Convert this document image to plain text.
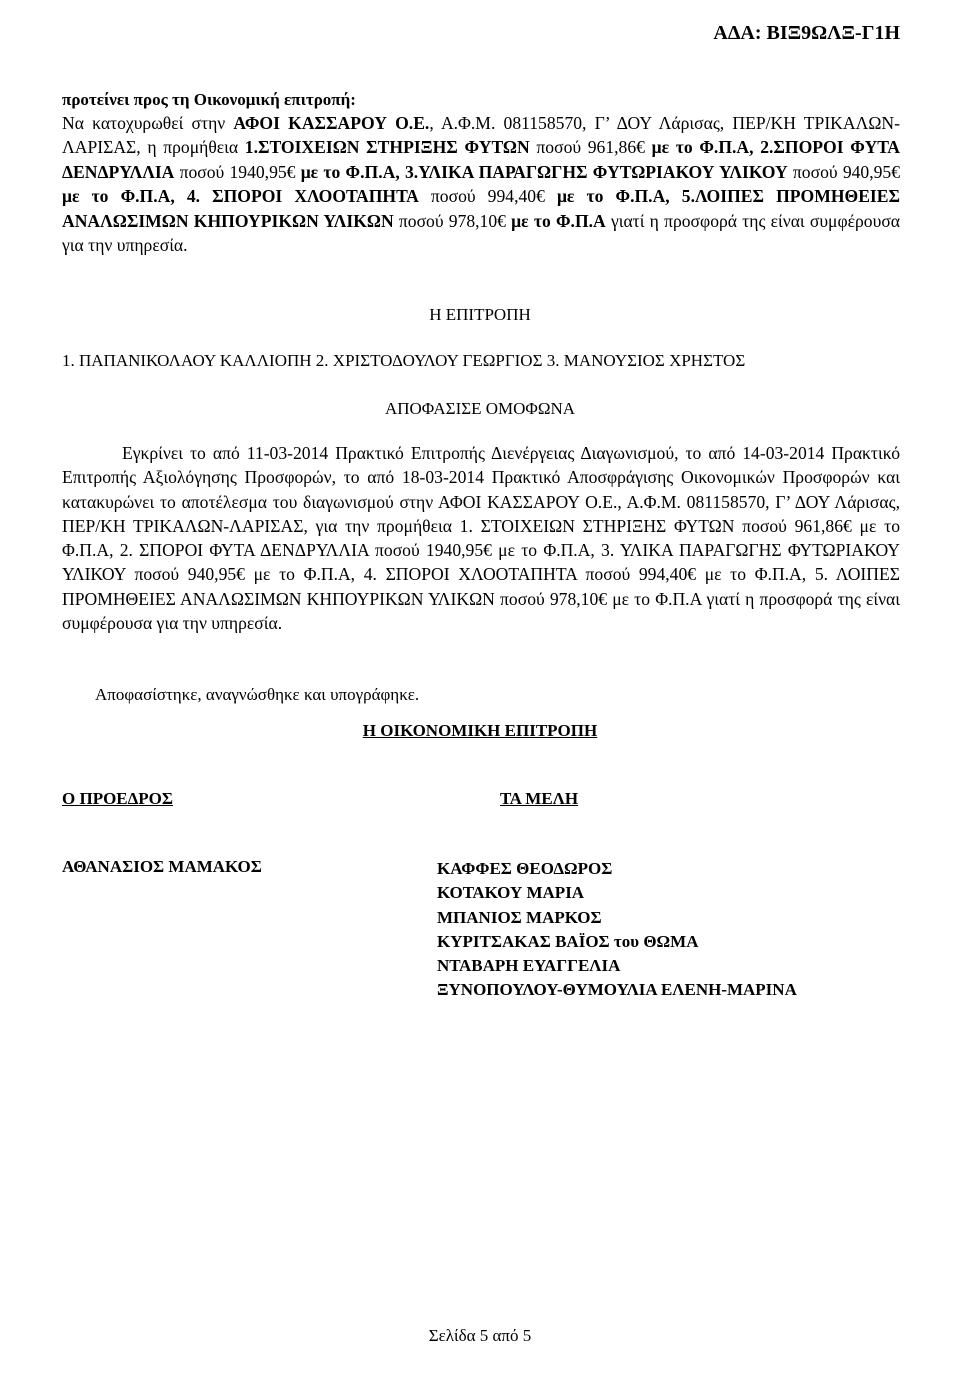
ΑΔΑ: ΒΙΞ9ΩΛΞ-Γ1Η
προτείνει προς τη Οικονομική επιτροπή:
Να κατοχυρωθεί στην ΑΦΟΙ ΚΑΣΣΑΡΟΥ Ο.Ε., Α.Φ.Μ. 081158570, Γ’ ΔΟΥ Λάρισας, ΠΕΡ/ΚΗ ΤΡΙΚΑΛΩΝ-ΛΑΡΙΣΑΣ, η προμήθεια 1.ΣΤΟΙΧΕΙΩΝ ΣΤΗΡΙΞΗΣ ΦΥΤΩΝ ποσού 961,86€ με το Φ.Π.Α, 2.ΣΠΟΡΟΙ ΦΥΤΑ ΔΕΝΔΡΥΛΛΙΑ ποσού 1940,95€ με το Φ.Π.Α, 3.ΥΛΙΚΑ ΠΑΡΑΓΩΓΗΣ ΦΥΤΩΡΙΑΚΟΥ ΥΛΙΚΟΥ ποσού 940,95€ με το Φ.Π.Α, 4. ΣΠΟΡΟΙ ΧΛΟΟΤΑΠΗΤΑ ποσού 994,40€ με το Φ.Π.Α, 5.ΛΟΙΠΕΣ ΠΡΟΜΗΘΕΙΕΣ ΑΝΑΛΩΣΙΜΩΝ ΚΗΠΟΥΡΙΚΩΝ ΥΛΙΚΩΝ ποσού 978,10€ με το Φ.Π.Α γιατί η προσφορά της είναι συμφέρουσα για την υπηρεσία.
Η ΕΠΙΤΡΟΠΗ
1. ΠΑΠΑΝΙΚΟΛΑΟΥ ΚΑΛΛΙΟΠΗ 2. ΧΡΙΣΤΟΔΟΥΛΟΥ ΓΕΩΡΓΙΟΣ 3. ΜΑΝΟΥΣΙΟΣ ΧΡΗΣΤΟΣ
ΑΠΟΦΑΣΙΣΕ ΟΜΟΦΩΝΑ
Εγκρίνει το από 11-03-2014 Πρακτικό Επιτροπής Διενέργειας Διαγωνισμού, το από 14-03-2014 Πρακτικό Επιτροπής Αξιολόγησης Προσφορών, το από 18-03-2014 Πρακτικό Αποσφράγισης Οικονομικών Προσφορών και κατακυρώνει το αποτέλεσμα του διαγωνισμού στην ΑΦΟΙ ΚΑΣΣΑΡΟΥ Ο.Ε., Α.Φ.Μ. 081158570, Γ’ ΔΟΥ Λάρισας, ΠΕΡ/ΚΗ ΤΡΙΚΑΛΩΝ-ΛΑΡΙΣΑΣ, για την προμήθεια 1. ΣΤΟΙΧΕΙΩΝ ΣΤΗΡΙΞΗΣ ΦΥΤΩΝ ποσού 961,86€ με το Φ.Π.Α, 2. ΣΠΟΡΟΙ ΦΥΤΑ ΔΕΝΔΡΥΛΛΙΑ ποσού 1940,95€ με το Φ.Π.Α, 3. ΥΛΙΚΑ ΠΑΡΑΓΩΓΗΣ ΦΥΤΩΡΙΑΚΟΥ ΥΛΙΚΟΥ ποσού 940,95€ με το Φ.Π.Α, 4. ΣΠΟΡΟΙ ΧΛΟΟΤΑΠΗΤΑ ποσού 994,40€ με το Φ.Π.Α, 5. ΛΟΙΠΕΣ ΠΡΟΜΗΘΕΙΕΣ ΑΝΑΛΩΣΙΜΩΝ ΚΗΠΟΥΡΙΚΩΝ ΥΛΙΚΩΝ ποσού 978,10€ με το Φ.Π.Α γιατί η προσφορά της είναι συμφέρουσα για την υπηρεσία.
Αποφασίστηκε, αναγνώσθηκε και υπογράφηκε.
Η ΟΙΚΟΝΟΜΙΚΗ ΕΠΙΤΡΟΠΗ
Ο ΠΡΟΕΔΡΟΣ	ΤΑ ΜΕΛΗ
ΑΘΑΝΑΣΙΟΣ ΜΑΜΑΚΟΣ	ΚΑΦΦΕΣ ΘΕΟΔΩΡΟΣ
ΚΟΤΑΚΟΥ ΜΑΡΙΑ
ΜΠΑΝΙΟΣ ΜΑΡΚΟΣ
ΚΥΡΙΤΣΑΚΑΣ ΒΑΪΟΣ του ΘΩΜΑ
ΝΤΑΒΑΡΗ ΕΥΑΓΓΕΛΙΑ
ΞΥΝΟΠΟΥΛΟΥ-ΘΥΜΟΥΛΙΑ ΕΛΕΝΗ-ΜΑΡΙΝΑ
Σελίδα 5 από 5
